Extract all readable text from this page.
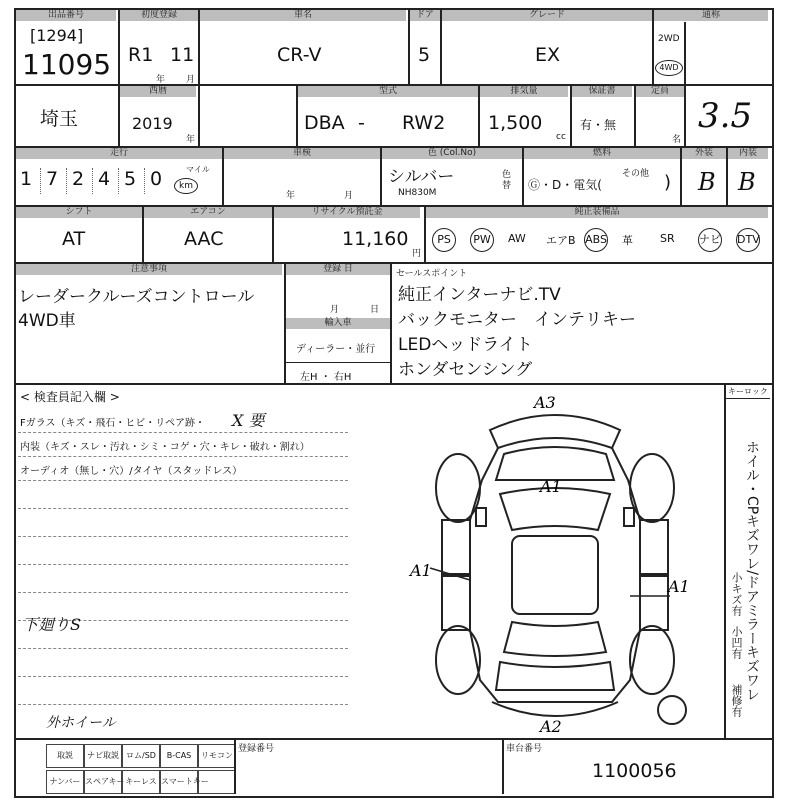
出品番号
[1294]
11095
初度登録
R1 11
年 月
車名
CR-V
ドア
5
グレード
EX
通称
2WD
4WD
埼玉
西暦
2019
年
型式
DBA - RW2
排気量
1,500
cc
保証書
有・無
定員
名
3.5
走行
1 7 2 4 5 0	マイル
km
車検
年	月
色 (Col.No)
シルバー
NH830M
色替
燃料
Ⓖ・D・電気(
その他 )
外装
B
内装
B
シフト
AT
エアコン
AAC
リサイクル預託金
11,160
円
純正装備品
PS	PW AW エアB ABS 革 SR ナビ DTV
注意事項
レーダークルーズコントロール
4WD車
登録 日
月	日
輸入車
ディーラー・並行
左H ・ 右H
セールスポイント
純正インターナビ.TV
バックモニター　インテリキー
LEDヘッドライト
ホンダセンシング
< 検査員記入欄 >
Fガラス（キズ・飛石・ヒビ・リペア跡・ X 要
内装（キズ・スレ・汚れ・シミ・コゲ・穴・キレ・破れ・割れ）
オーディオ（無し・穴）/タイヤ（スタッドレス）
下廻りS
外ホイール
A3
A1
A1
A1
A2
キーロック
ホイル・CPキズワレ/ドアミラーキズワレ
小キズ有
小凹有
補修有
取説	ナビ取説 ロム/SD	B-CAS	リモコン
ナンバー スペアキー キーレス スマートキー
登録番号	車台番号
1100056
